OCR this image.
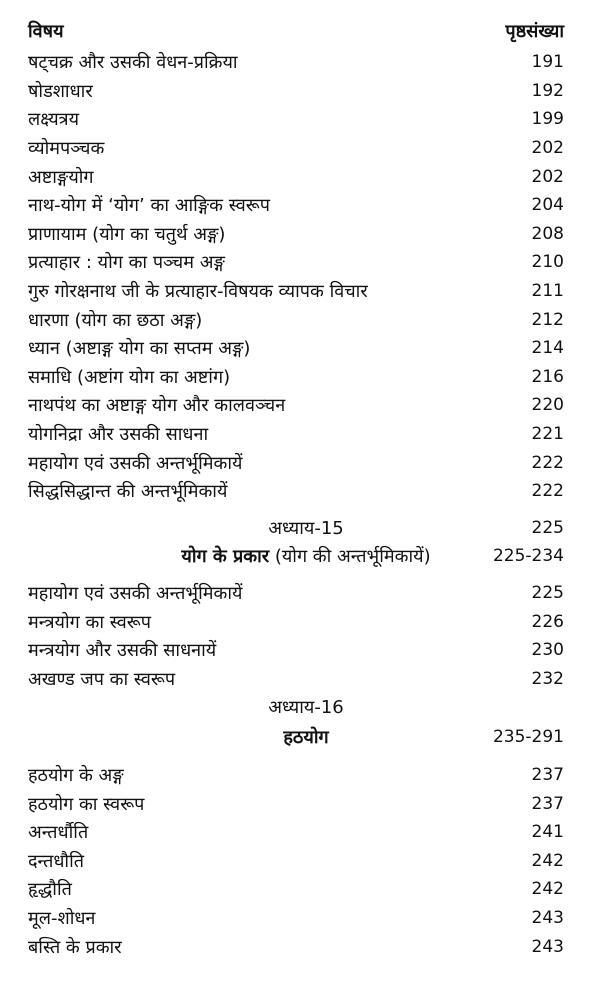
विषय	पृष्ठसंख्या
षट्चक्र और उसकी वेधन-प्रक्रिया	191
षोडशाधार	192
लक्ष्यत्रय	199
व्योमपञ्चक	202
अष्टाङ्गयोग	202
नाथ-योग में ‘योग’ का आङ्गिक स्वरूप	204
प्राणायाम (योग का चतुर्थ अङ्ग)	208
प्रत्याहार : योग का पञ्चम अङ्ग	210
गुरु गोरक्षनाथ जी के प्रत्याहार-विषयक व्यापक विचार	211
धारणा (योग का छठा अङ्ग)	212
ध्यान (अष्टाङ्ग योग का सप्तम अङ्ग)	214
समाधि (अष्टांग योग का अष्टांग)	216
नाथपंथ का अष्टाङ्ग योग और कालवञ्चन	220
योगनिद्रा और उसकी साधना	221
महायोग एवं उसकी अन्तर्भूमिकायें	222
सिद्धसिद्धान्त की अन्तर्भूमिकायें	222
अध्याय-15	225
योग के प्रकार (योग की अन्तर्भूमिकायें)	225-234
महायोग एवं उसकी अन्तर्भूमिकायें	225
मन्त्रयोग का स्वरूप	226
मन्त्रयोग और उसकी साधनायें	230
अखण्ड जप का स्वरूप	232
अध्याय-16
हठयोग	235-291
हठयोग के अङ्ग	237
हठयोग का स्वरूप	237
अन्तर्धौति	241
दन्तधौति	242
हृद्धौति	242
मूल-शोधन	243
बस्ति के प्रकार	243
